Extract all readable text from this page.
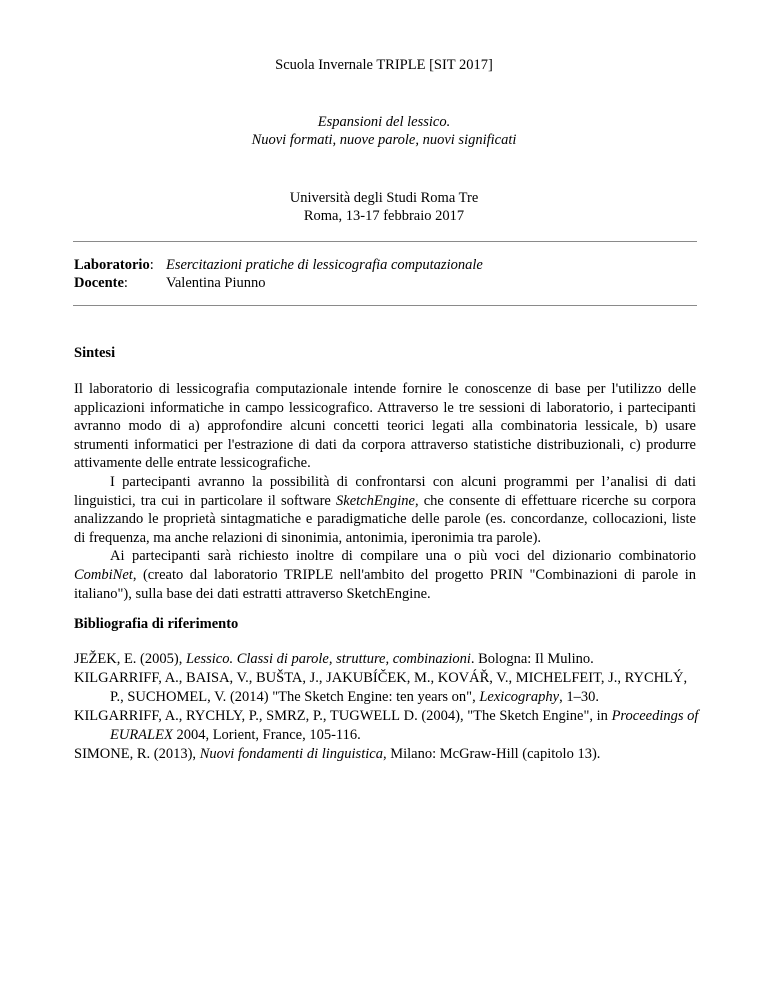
Scuola Invernale TRIPLE [SIT 2017]
Espansioni del lessico.
Nuovi formati, nuove parole, nuovi significati
Università degli Studi Roma Tre
Roma, 13-17 febbraio 2017
Laboratorio: Esercitazioni pratiche di lessicografia computazionale
Docente:	Valentina Piunno
Sintesi

Il laboratorio di lessicografia computazionale intende fornire le conoscenze di base per l'utilizzo delle applicazioni informatiche in campo lessicografico. Attraverso le tre sessioni di laboratorio, i partecipanti avranno modo di a) approfondire alcuni concetti teorici legati alla combinatoria lessicale, b) usare strumenti informatici per l'estrazione di dati da corpora attraverso statistiche distribuzionali, c) produrre attivamente delle entrate lessicografiche.

I partecipanti avranno la possibilità di confrontarsi con alcuni programmi per l’analisi di dati linguistici, tra cui in particolare il software SketchEngine, che consente di effettuare ricerche su corpora analizzando le proprietà sintagmatiche e paradigmatiche delle parole (es. concordanze, collocazioni, liste di frequenza, ma anche relazioni di sinonimia, antonimia, iperonimia tra parole).

Ai partecipanti sarà richiesto inoltre di compilare una o più voci del dizionario combinatorio CombiNet, (creato dal laboratorio TRIPLE nell'ambito del progetto PRIN "Combinazioni di parole in italiano"), sulla base dei dati estratti attraverso SketchEngine.

Bibliografia di riferimento

JEŽEK, E. (2005), Lessico. Classi di parole, strutture, combinazioni. Bologna: Il Mulino.

KILGARRIFF, A., BAISA, V., BUŠTA, J., JAKUBÍČEK, M., KOVÁŘ, V., MICHELFEIT, J., RYCHLÝ, P., SUCHOMEL, V. (2014) "The Sketch Engine: ten years on", Lexicography, 1–30.

KILGARRIFF, A., RYCHLY, P., SMRZ, P., TUGWELL D. (2004), "The Sketch Engine", in Proceedings of EURALEX 2004, Lorient, France, 105-116.

SIMONE, R. (2013), Nuovi fondamenti di linguistica, Milano: McGraw-Hill (capitolo 13).
